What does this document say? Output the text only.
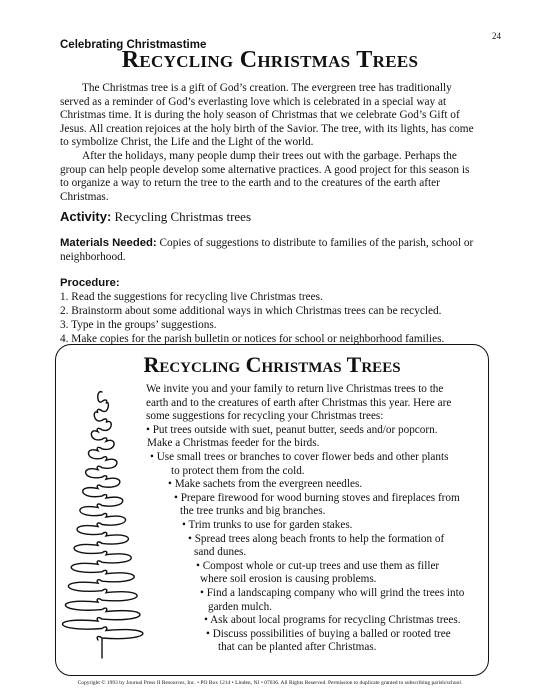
Celebrating Christmastime
24
Recycling Christmas Trees

The Christmas tree is a gift of God’s creation. The evergreen tree has traditionally served as a reminder of God’s everlasting love which is celebrated in a special way at Christmas time. It is during the holy season of Christmas that we celebrate God’s Gift of Jesus. All creation rejoices at the holy birth of the Savior. The tree, with its lights, has come to symbolize Christ, the Life and the Light of the world.

After the holidays, many people dump their trees out with the garbage. Perhaps the group can help people develop some alternative practices. A good project for this season is to organize a way to return the tree to the earth and to the creatures of the earth after Christmas.

Activity: Recycling Christmas trees
Materials Needed: Copies of suggestions to distribute to families of the parish, school or neighborhood.
Procedure:
1. Read the suggestions for recycling live Christmas trees.
2. Brainstorm about some additional ways in which Christmas trees can be recycled.
3. Type in the groups’ suggestions.
4. Make copies for the parish bulletin or notices for school or neighborhood families.
Recycling Christmas Trees
We invite you and your family to return live Christmas trees to the
earth and to the creatures of earth after Christmas this year. Here are
some suggestions for recycling your Christmas trees:
• Put trees outside with suet, peanut butter, seeds and/or popcorn.
Make a Christmas feeder for the birds.
• Use small trees or branches to cover flower beds and other plants
to protect them from the cold.
• Make sachets from the evergreen needles.
• Prepare firewood for wood burning stoves and fireplaces from
the tree trunks and big branches.
• Trim trunks to use for garden stakes.
• Spread trees along beach fronts to help the formation of
sand dunes.
• Compost whole or cut-up trees and use them as filler
where soil erosion is causing problems.
• Find a landscaping company who will grind the trees into
garden mulch.
• Ask about local programs for recycling Christmas trees.
• Discuss possibilities of buying a balled or rooted tree
that can be planted after Christmas.
Copyright © 1993 by Journal Press II Resources, Inc. • PO Box 1214 • Linden, NJ • 07036. All Rights Reserved. Permission to duplicate granted to subscribing parish/school.
